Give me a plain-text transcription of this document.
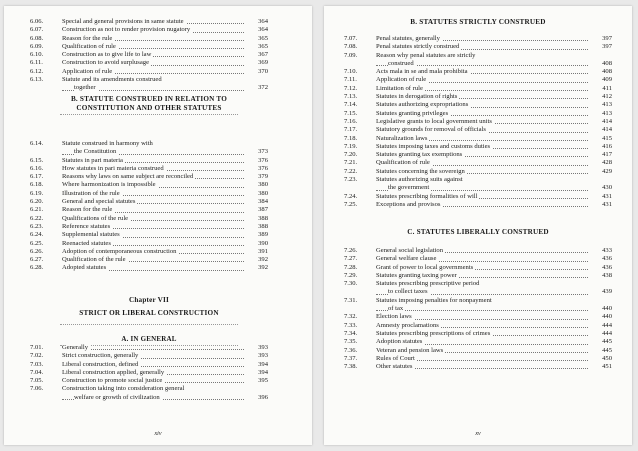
6.06.	Special and general provisions in same statute	364
6.07.	Construction as not to render provision nugatory	364
6.08.	Reason for the rule	365
6.09.	Qualification of rule	365
6.10.	Construction as to give life to law	367
6.11.	Construction to avoid surplusage	369
6.12.	Application of rule	370
6.13.	Statute and its amendments construed
together	372
B. STATUTE CONSTRUED IN RELATION TO
CONSTITUTION AND OTHER STATUTES
6.14.	Statute construed in harmony with
the Constitution	373
6.15.	Statutes in pari materia	376
6.16.	How statutes in pari materia construed	376
6.17.	Reasons why laws on same subject are reconciled	379
6.18.	Where harmonization is impossible	380
6.19.	Illustration of the rule	380
6.20.	General and special statutes	384
6.21.	Reason for the rule	387
6.22.	Qualifications of the rule	388
6.23.	Reference statutes	388
6.24.	Supplemental statutes	389
6.25.	Reenacted statutes	390
6.26.	Adoption of contemporaneous construction	391
6.27.	Qualification of the rule	392
6.28.	Adopted statutes	392
Chapter VII
STRICT OR LIBERAL CONSTRUCTION
A. IN GENERAL
7.01.	Generally	393
7.02.	Strict construction, generally	393
7.03.	Liberal construction, defined	394
7.04.	Liberal construction applied, generally	394
7.05.	Construction to promote social justice	395
7.06.	Construction taking into consideration general
welfare or growth of civilization	396
xiv
B. STATUTES STRICTLY CONSTRUED
7.07.	Penal statutes, generally	397
7.08.	Penal statutes strictly construed	397
7.09.	Reason why penal statutes are strictly
construed	408
7.10.	Acts mala in se and mala prohibita	408
7.11.	Application of rule	409
7.12.	Limitation of rule	411
7.13.	Statutes in derogation of rights	412
7.14.	Statutes authorizing expropriations	413
7.15.	Statutes granting privileges	413
7.16.	Legislative grants to local government units	414
7.17.	Statutory grounds for removal of officials	414
7.18.	Naturalization laws	415
7.19.	Statutes imposing taxes and customs duties	416
7.20.	Statutes granting tax exemptions	417
7.21.	Qualification of rule	428
7.22.	Statutes concerning the sovereign	429
7.23.	Statutes authorizing suits against
the government	430
7.24.	Statutes prescribing formalities of will	431
7.25.	Exceptions and provisos	431
C. STATUTES LIBERALLY CONSTRUED
7.26.	General social legislation	433
7.27.	General welfare clause	436
7.28.	Grant of power to local governments	436
7.29.	Statutes granting taxing power	438
7.30.	Statutes prescribing prescriptive period
to collect taxes	439
7.31.	Statutes imposing penalties for nonpayment
of tax	440
7.32.	Election laws	440
7.33.	Amnesty proclamations	444
7.34.	Statutes prescribing prescriptions of crimes	444
7.35.	Adoption statutes	445
7.36.	Veteran and pension laws	445
7.37.	Rules of Court	450
7.38.	Other statutes	451
xv
